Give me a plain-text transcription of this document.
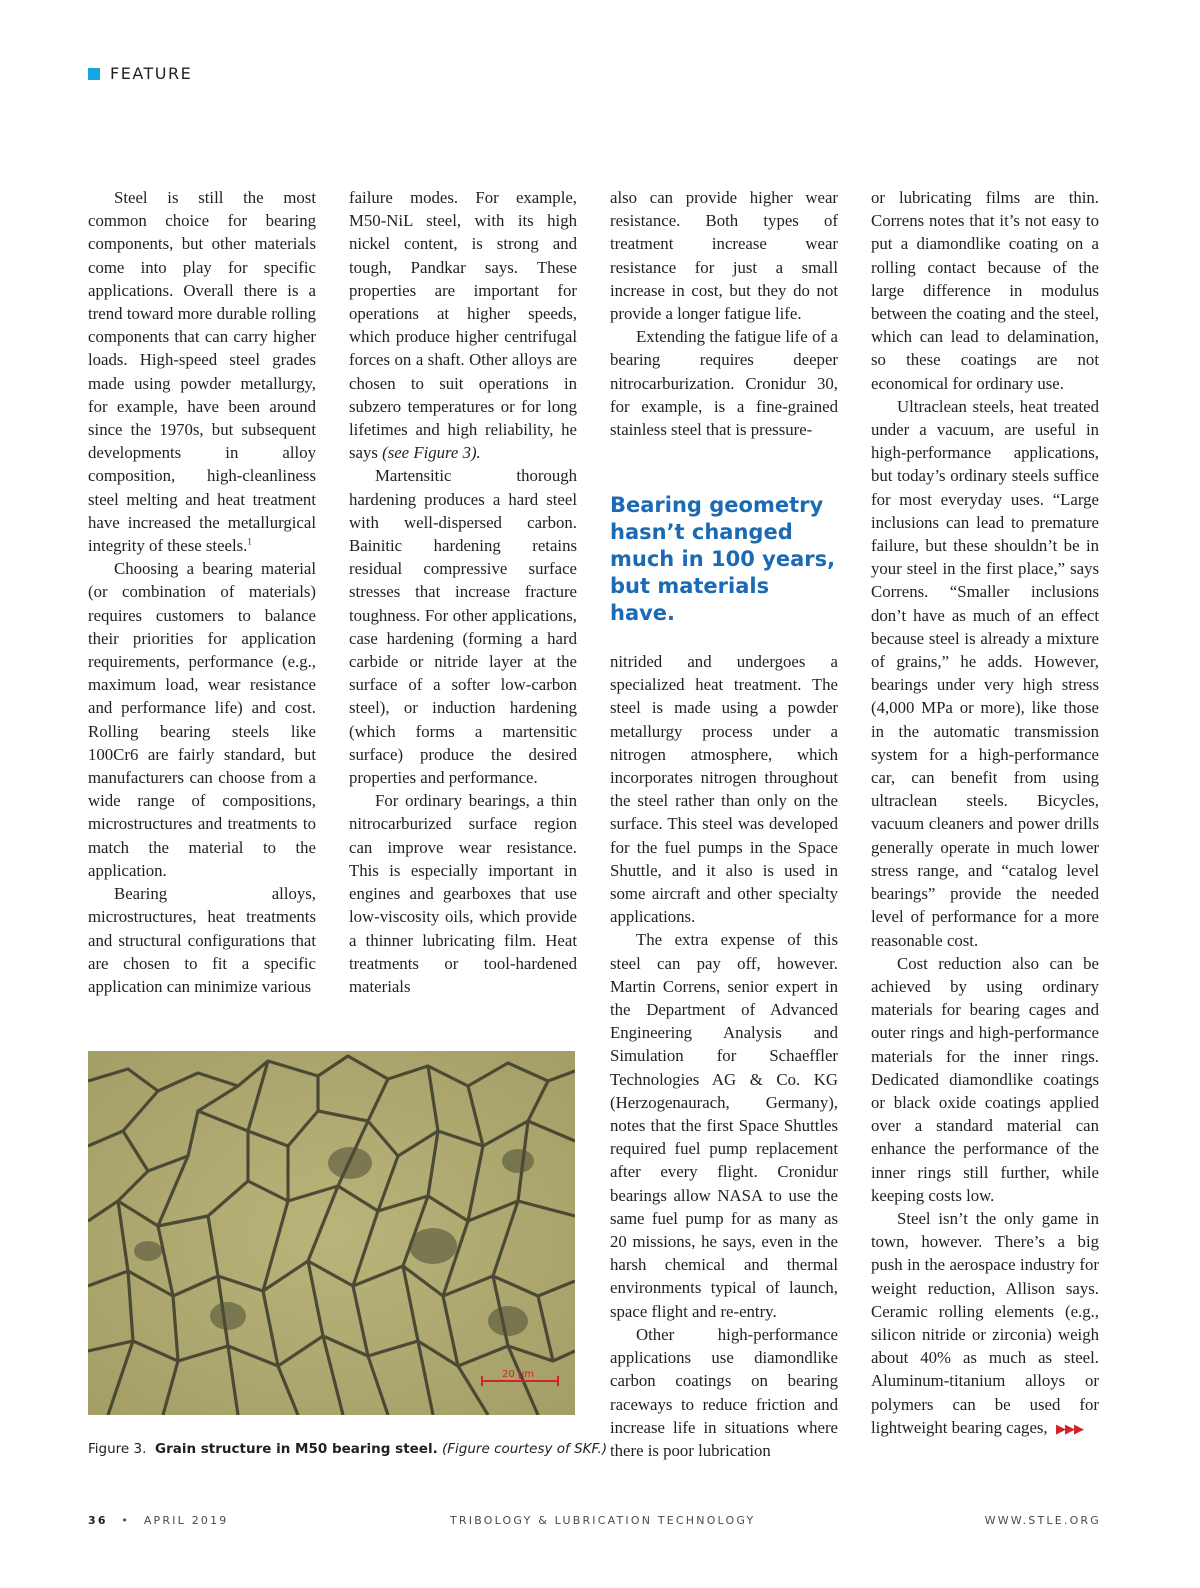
FEATURE

Steel is still the most common choice for bearing components, but other materials come into play for specific applications. Overall there is a trend toward more durable rolling components that can carry higher loads. High-speed steel grades made using powder metallurgy, for example, have been around since the 1970s, but subsequent developments in alloy composition, high-cleanliness steel melting and heat treatment have increased the metallurgical integrity of these steels.$^1$

Choosing a bearing material (or combination of materials) requires customers to balance their priorities for application requirements, performance (e.g., maximum load, wear resistance and performance life) and cost. Rolling bearing steels like 100Cr6 are fairly standard, but manufacturers can choose from a wide range of compositions, microstructures and treatments to match the material to the application.

Bearing alloys, microstructures, heat treatments and structural configurations that are chosen to fit a specific application can minimize various

failure modes. For example, M50-NiL steel, with its high nickel content, is strong and tough, Pandkar says. These properties are important for operations at higher speeds, which produce higher centrifugal forces on a shaft. Other alloys are chosen to suit operations in subzero temperatures or for long lifetimes and high reliability, he says (see Figure 3).

Martensitic thorough hardening produces a hard steel with well-dispersed carbon. Bainitic hardening retains residual compressive surface stresses that increase fracture toughness. For other applications, case hardening (forming a hard carbide or nitride layer at the surface of a softer low-carbon steel), or induction hardening (which forms a martensitic surface) produce the desired properties and performance.

For ordinary bearings, a thin nitrocarburized surface region can improve wear resistance. This is especially important in engines and gearboxes that use low-viscosity oils, which provide a thinner lubricating film. Heat treatments or tool-hardened materials

also can provide higher wear resistance. Both types of treatment increase wear resistance for just a small increase in cost, but they do not provide a longer fatigue life.

Extending the fatigue life of a bearing requires deeper nitrocarburization. Cronidur 30, for example, is a fine-grained stainless steel that is pressure-

Bearing geometry hasn’t changed much in 100 years, but materials have.

nitrided and undergoes a specialized heat treatment. The steel is made using a powder metallurgy process under a nitrogen atmosphere, which incorporates nitrogen throughout the steel rather than only on the surface. This steel was developed for the fuel pumps in the Space Shuttle, and it also is used in some aircraft and other specialty applications.

The extra expense of this steel can pay off, however. Martin Correns, senior expert in the Department of Advanced Engineering Analysis and Simulation for Schaeffler Technologies AG & Co. KG (Herzogenaurach, Germany), notes that the first Space Shuttles required fuel pump replacement after every flight. Cronidur bearings allow NASA to use the same fuel pump for as many as 20 missions, he says, even in the harsh chemical and thermal environments typical of launch, space flight and re-entry.

Other high-performance applications use diamondlike carbon coatings on bearing raceways to reduce friction and increase life in situations where there is poor lubrication

or lubricating films are thin. Correns notes that it’s not easy to put a diamondlike coating on a rolling contact because of the large difference in modulus between the coating and the steel, which can lead to delamination, so these coatings are not economical for ordinary use.

Ultraclean steels, heat treated under a vacuum, are useful in high-performance applications, but today’s ordinary steels suffice for most everyday uses. “Large inclusions can lead to premature failure, but these shouldn’t be in your steel in the first place,” says Correns. “Smaller inclusions don’t have as much of an effect because steel is already a mixture of grains,” he adds. However, bearings under very high stress (4,000 MPa or more), like those in the automatic transmission system for a high-performance car, can benefit from using ultraclean steels. Bicycles, vacuum cleaners and power drills generally operate in much lower stress range, and “catalog level bearings” provide the needed level of performance for a more reasonable cost.

Cost reduction also can be achieved by using ordinary materials for bearing cages and outer rings and high-performance materials for the inner rings. Dedicated diamondlike coatings or black oxide coatings applied over a standard material can enhance the performance of the inner rings still further, while keeping costs low.

Steel isn’t the only game in town, however. There’s a big push in the aerospace industry for weight reduction, Allison says. Ceramic rolling elements (e.g., silicon nitride or zirconia) weigh about 40% as much as steel. Aluminum-titanium alloys or polymers can be used for lightweight bearing cages, ▶▶▶

20 µm
Figure 3. Grain structure in M50 bearing steel. (Figure courtesy of SKF.)
36 • APRIL 2019	TRIBOLOGY & LUBRICATION TECHNOLOGY	WWW.STLE.ORG
